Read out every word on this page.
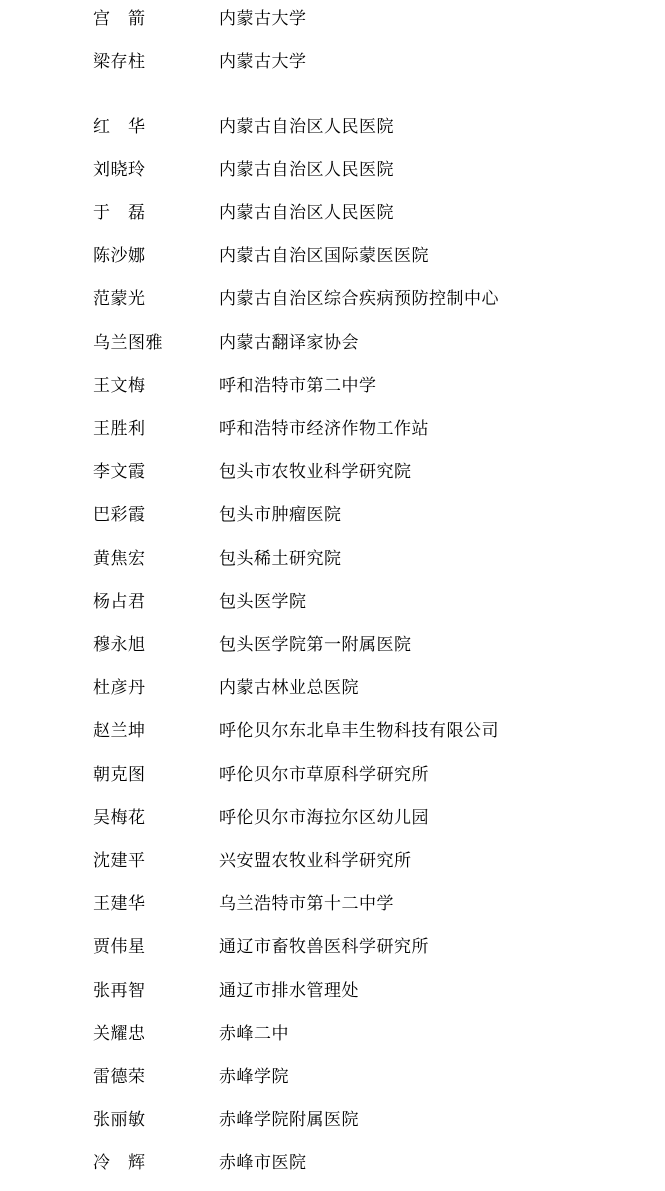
宫　箭	内蒙古大学
梁存柱	内蒙古大学
红　华	内蒙古自治区人民医院
刘晓玲	内蒙古自治区人民医院
于　磊	内蒙古自治区人民医院
陈沙娜	内蒙古自治区国际蒙医医院
范蒙光	内蒙古自治区综合疾病预防控制中心
乌兰图雅	内蒙古翻译家协会
王文梅	呼和浩特市第二中学
王胜利	呼和浩特市经济作物工作站
李文霞	包头市农牧业科学研究院
巴彩霞	包头市肿瘤医院
黄焦宏	包头稀土研究院
杨占君	包头医学院
穆永旭	包头医学院第一附属医院
杜彦丹	内蒙古林业总医院
赵兰坤	呼伦贝尔东北阜丰生物科技有限公司
朝克图	呼伦贝尔市草原科学研究所
吴梅花	呼伦贝尔市海拉尔区幼儿园
沈建平	兴安盟农牧业科学研究所
王建华	乌兰浩特市第十二中学
贾伟星	通辽市畜牧兽医科学研究所
张再智	通辽市排水管理处
关耀忠	赤峰二中
雷德荣	赤峰学院
张丽敏	赤峰学院附属医院
冷　辉	赤峰市医院
